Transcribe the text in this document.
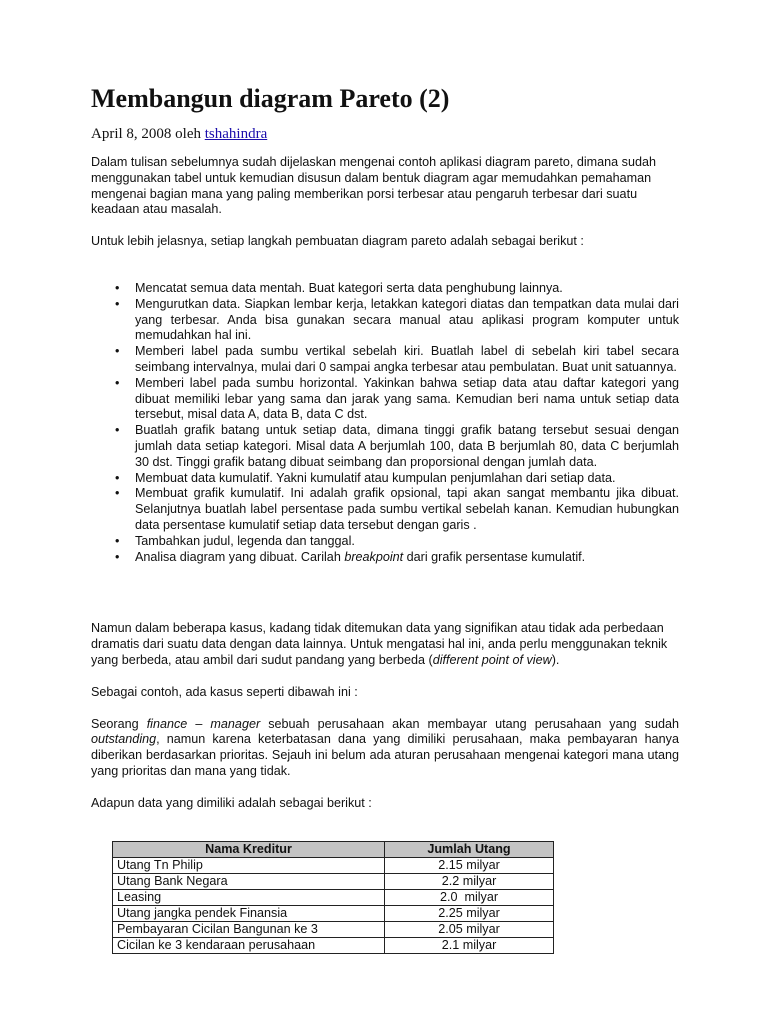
Membangun diagram Pareto (2)
April 8, 2008 oleh tshahindra

Dalam tulisan sebelumnya sudah dijelaskan mengenai contoh aplikasi diagram pareto, dimana sudah menggunakan tabel untuk kemudian disusun dalam bentuk diagram agar memudahkan pemahaman mengenai bagian mana yang paling memberikan porsi terbesar atau pengaruh terbesar dari suatu keadaan atau masalah.

Untuk lebih jelasnya, setiap langkah pembuatan diagram pareto adalah sebagai berikut :

• Mencatat semua data mentah. Buat kategori serta data penghubung lainnya.
• Mengurutkan data. Siapkan lembar kerja, letakkan kategori diatas dan tempatkan data mulai dari yang terbesar. Anda bisa gunakan secara manual atau aplikasi program komputer untuk memudahkan hal ini.
• Memberi label pada sumbu vertikal sebelah kiri. Buatlah label di sebelah kiri tabel secara seimbang intervalnya, mulai dari 0 sampai angka terbesar atau pembulatan. Buat unit satuannya.
• Memberi label pada sumbu horizontal. Yakinkan bahwa setiap data atau daftar kategori yang dibuat memiliki lebar yang sama dan jarak yang sama. Kemudian beri nama untuk setiap data tersebut, misal data A, data B, data C dst.
• Buatlah grafik batang untuk setiap data, dimana tinggi grafik batang tersebut sesuai dengan jumlah data setiap kategori. Misal data A berjumlah 100, data B berjumlah 80, data C berjumlah 30 dst. Tinggi grafik batang dibuat seimbang dan proporsional dengan jumlah data.
• Membuat data kumulatif. Yakni kumulatif atau kumpulan penjumlahan dari setiap data.
• Membuat grafik kumulatif. Ini adalah grafik opsional, tapi akan sangat membantu jika dibuat. Selanjutnya buatlah label persentase pada sumbu vertikal sebelah kanan. Kemudian hubungkan data persentase kumulatif setiap data tersebut dengan garis .
• Tambahkan judul, legenda dan tanggal.
• Analisa diagram yang dibuat. Carilah breakpoint dari grafik persentase kumulatif.

Namun dalam beberapa kasus, kadang tidak ditemukan data yang signifikan atau tidak ada perbedaan dramatis dari suatu data dengan data lainnya. Untuk mengatasi hal ini, anda perlu menggunakan teknik yang berbeda, atau ambil dari sudut pandang yang berbeda (different point of view).

Sebagai contoh, ada kasus seperti dibawah ini :

Seorang finance – manager sebuah perusahaan akan membayar utang perusahaan yang sudah outstanding, namun karena keterbatasan dana yang dimiliki perusahaan, maka pembayaran hanya diberikan berdasarkan prioritas. Sejauh ini belum ada aturan perusahaan mengenai kategori mana utang yang prioritas dan mana yang tidak.

Adapun data yang dimiliki adalah sebagai berikut :

Nama Kreditur	Jumlah Utang
Utang Tn Philip	2.15 milyar
Utang Bank Negara	2.2 milyar
Leasing	2.0  milyar
Utang jangka pendek Finansia	2.25 milyar
Pembayaran Cicilan Bangunan ke 3	2.05 milyar
Cicilan ke 3 kendaraan perusahaan	2.1 milyar
